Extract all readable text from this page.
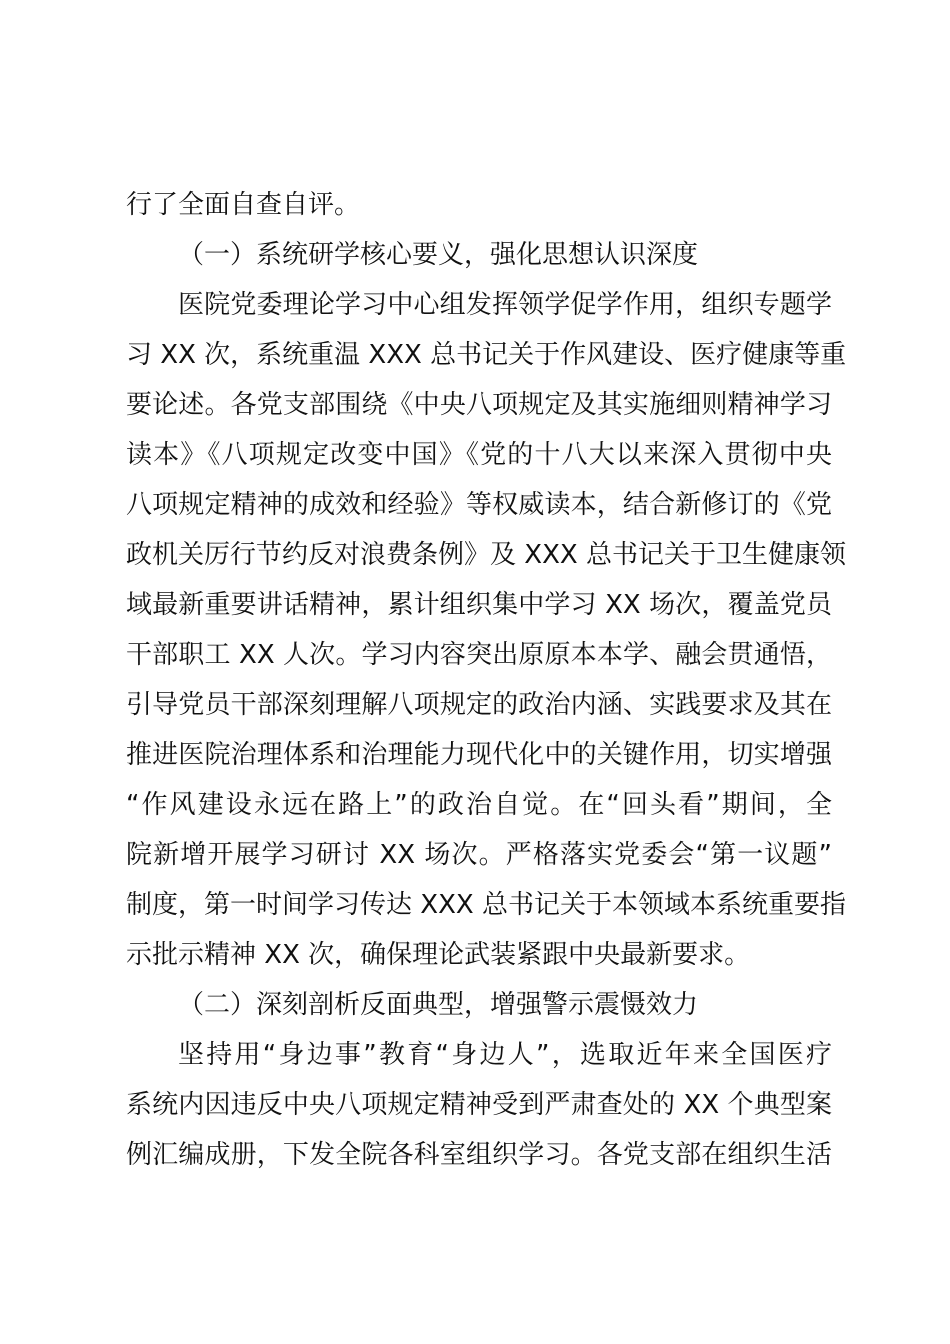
行了全面自查自评。
（一）系统研学核心要义，强化思想认识深度
医院党委理论学习中心组发挥领学促学作用，组织专题学
习 XX 次，系统重温 XXX 总书记关于作风建设、医疗健康等重
要论述。各党支部围绕《中央八项规定及其实施细则精神学习
读本》《八项规定改变中国》《党的十八大以来深入贯彻中央
八项规定精神的成效和经验》等权威读本，结合新修订的《党
政机关厉行节约反对浪费条例》及 XXX 总书记关于卫生健康领
域最新重要讲话精神，累计组织集中学习 XX 场次，覆盖党员
干部职工 XX 人次。学习内容突出原原本本学、融会贯通悟，
引导党员干部深刻理解八项规定的政治内涵、实践要求及其在
推进医院治理体系和治理能力现代化中的关键作用，切实增强
“作风建设永远在路上”的政治自觉。在“回头看”期间，全
院新增开展学习研讨 XX 场次。严格落实党委会“第一议题”
制度，第一时间学习传达 XXX 总书记关于本领域本系统重要指
示批示精神 XX 次，确保理论武装紧跟中央最新要求。
（二）深刻剖析反面典型，增强警示震慑效力
坚持用“身边事”教育“身边人”，选取近年来全国医疗
系统内因违反中央八项规定精神受到严肃查处的 XX 个典型案
例汇编成册，下发全院各科室组织学习。各党支部在组织生活
